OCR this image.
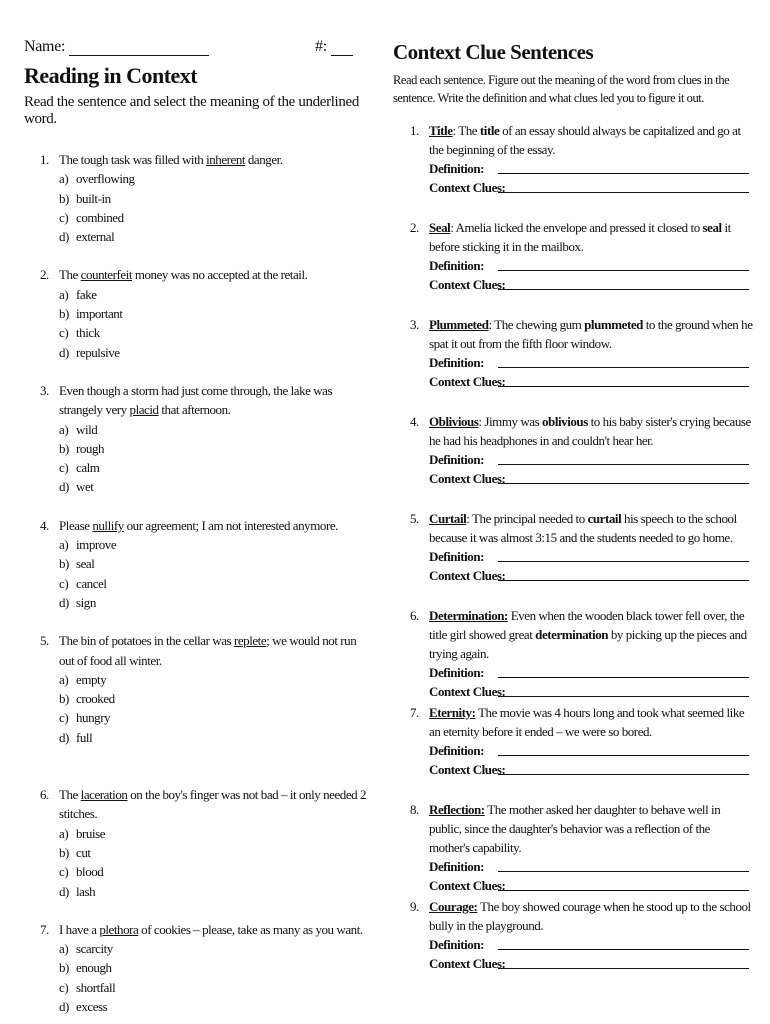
Name:	#:
Reading in Context

Read the sentence and select the meaning of the underlined word.

1. The tough task was filled with inherent danger.
a) overflowing
b) built-in
c) combined
d) external
2. The counterfeit money was no accepted at the retail.
a) fake
b) important
c) thick
d) repulsive
3. Even though a storm had just come through, the lake was strangely very placid that afternoon.
a) wild
b) rough
c) calm
d) wet
4. Please nullify our agreement; I am not interested anymore.
a) improve
b) seal
c) cancel
d) sign
5. The bin of potatoes in the cellar was replete; we would not run out of food all winter.
a) empty
b) crooked
c) hungry
d) full
6. The laceration on the boy's finger was not bad – it only needed 2 stitches.
a) bruise
b) cut
c) blood
d) lash
7. I have a plethora of cookies – please, take as many as you want.
a) scarcity
b) enough
c) shortfall
d) excess
Context Clue Sentences

Read each sentence. Figure out the meaning of the word from clues in the sentence. Write the definition and what clues led you to figure it out.

1. Title: The title of an essay should always be capitalized and go at the beginning of the essay.
Definition:
Context Clues:
2. Seal: Amelia licked the envelope and pressed it closed to seal it before sticking it in the mailbox.
Definition:
Context Clues:
3. Plummeted: The chewing gum plummeted to the ground when he spat it out from the fifth floor window.
Definition:
Context Clues:
4. Oblivious: Jimmy was oblivious to his baby sister's crying because he had his headphones in and couldn't hear her.
Definition:
Context Clues:
5. Curtail: The principal needed to curtail his speech to the school because it was almost 3:15 and the students needed to go home.
Definition:
Context Clues:
6. Determination: Even when the wooden black tower fell over, the title girl showed great determination by picking up the pieces and trying again.
Definition:
Context Clues:
7. Eternity: The movie was 4 hours long and took what seemed like an eternity before it ended – we were so bored.
Definition:
Context Clues:
8. Reflection: The mother asked her daughter to behave well in public, since the daughter's behavior was a reflection of the mother's capability.
Definition:
Context Clues:
9. Courage: The boy showed courage when he stood up to the school bully in the playground.
Definition:
Context Clues:
